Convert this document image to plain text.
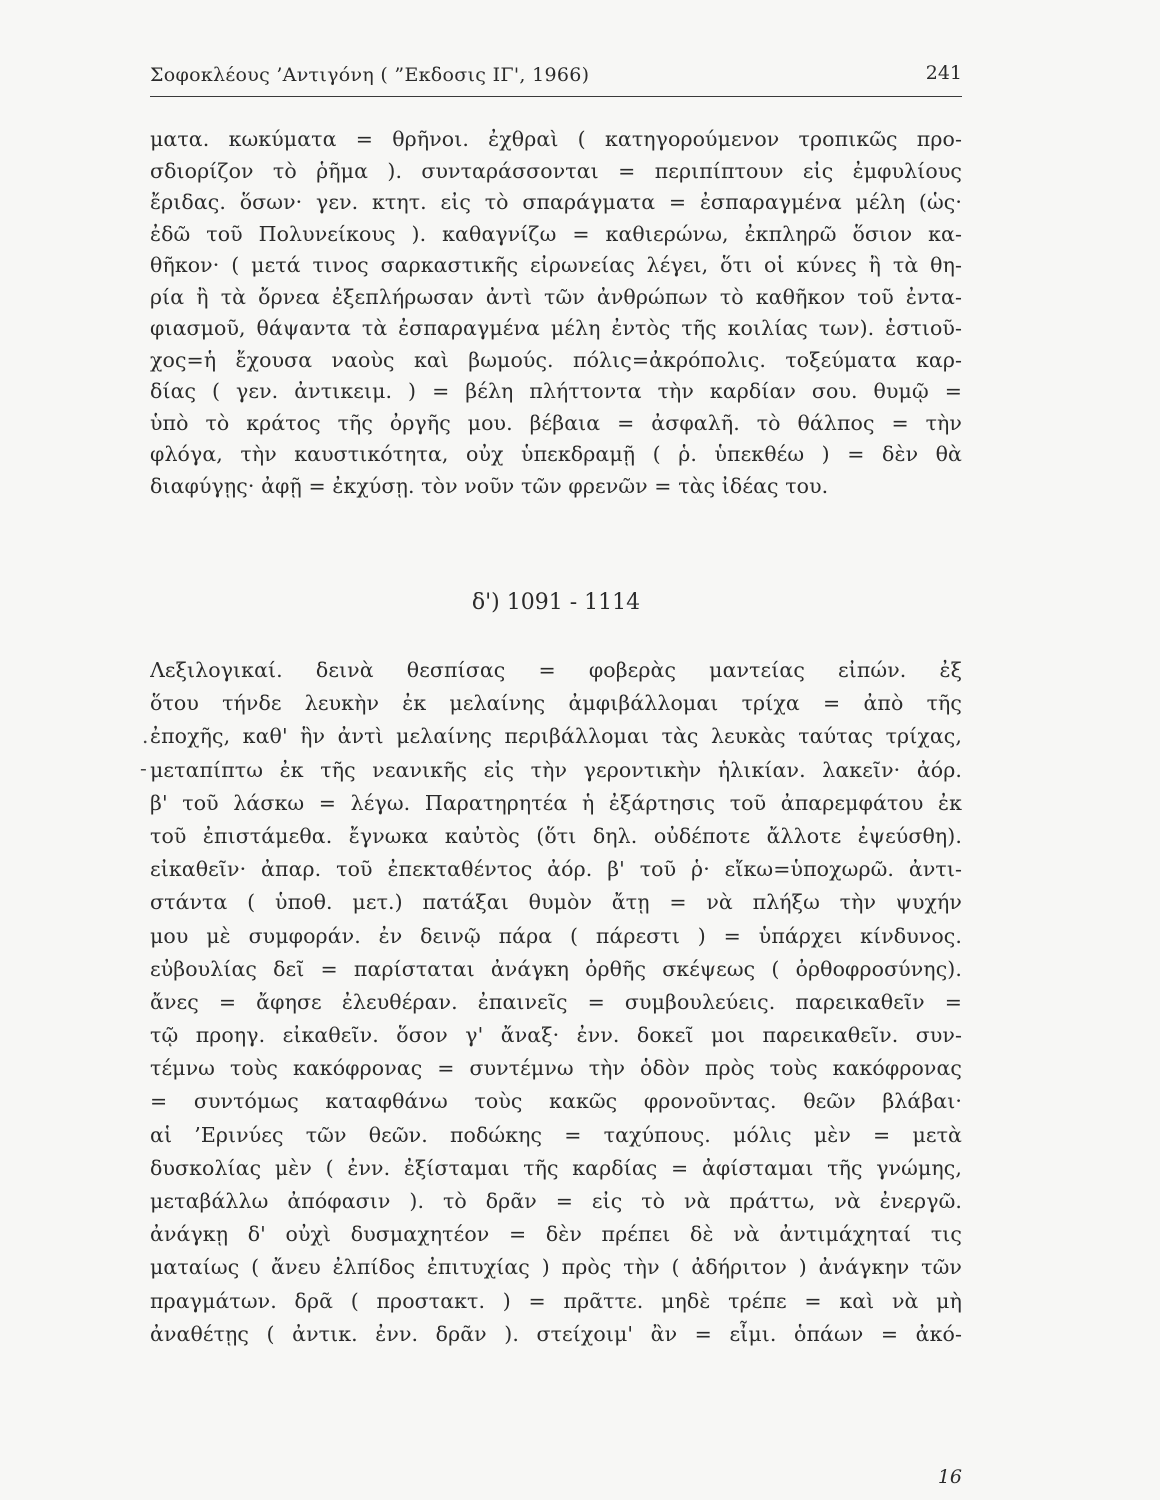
Σοφοκλέους ’Αντιγόνη ( ”Εκδοσις ΙΓ', 1966)	241
ματα. κωκύματα = θρῆνοι. ἐχθραὶ ( κατηγορούμενον τροπικῶς προ-
σδιορίζον τὸ ῥῆμα ). συνταράσσονται = περιπίπτουν εἰς ἐμφυλίους
ἔριδας. ὅσων· γεν. κτητ. εἰς τὸ σπαράγματα = ἐσπαραγμένα μέλη (ὡς·
ἐδῶ τοῦ Πολυνείκους ). καθαγνίζω = καθιερώνω, ἐκπληρῶ ὅσιον κα-
θῆκον· ( μετά τινος σαρκαστικῆς εἰρωνείας λέγει, ὅτι οἱ κύνες ἢ τὰ θη-
ρία ἢ τὰ ὄρνεα ἐξεπλήρωσαν ἀντὶ τῶν ἀνθρώπων τὸ καθῆκον τοῦ ἐντα-
φιασμοῦ, θάψαντα τὰ ἐσπαραγμένα μέλη ἐντὸς τῆς κοιλίας των). ἑστιοῦ-
χος=ἡ ἔχουσα ναοὺς καὶ βωμούς. πόλις=ἀκρόπολις. τοξεύματα καρ-
δίας ( γεν. ἀντικειμ. ) = βέλη πλήττοντα τὴν καρδίαν σου. θυμῷ =
ὑπὸ τὸ κράτος τῆς ὀργῆς μου. βέβαια = ἀσφαλῆ. τὸ θάλπος = τὴν
φλόγα, τὴν καυστικότητα, οὐχ ὑπεκδραμῇ ( ῥ. ὑπεκθέω ) = δὲν θὰ
διαφύγῃς· ἀφῇ = ἐκχύσῃ. τὸν νοῦν τῶν φρενῶν = τὰς ἰδέας του.
δ') 1091 - 1114
Λεξιλογικαί. δεινὰ θεσπίσας = φοβερὰς μαντείας εἰπών. ἐξ
ὅτου τήνδε λευκὴν ἐκ μελαίνης ἀμφιβάλλομαι τρίχα = ἀπὸ τῆς
ἐποχῆς, καθ' ἣν ἀντὶ μελαίνης περιβάλλομαι τὰς λευκὰς ταύτας τρίχας,
μεταπίπτω ἐκ τῆς νεανικῆς εἰς τὴν γεροντικὴν ἡλικίαν. λακεῖν· ἀόρ.
β' τοῦ λάσκω = λέγω. Παρατηρητέα ἡ ἐξάρτησις τοῦ ἀπαρεμφάτου ἐκ
τοῦ ἐπιστάμεθα. ἔγνωκα καὐτὸς (ὅτι δηλ. οὐδέποτε ἄλλοτε ἐψεύσθη).
εἰκαθεῖν· ἀπαρ. τοῦ ἐπεκταθέντος ἀόρ. β' τοῦ ῥ· εἴκω=ὑποχωρῶ. ἀντι-
στάντα ( ὑποθ. μετ.) πατάξαι θυμὸν ἄτῃ = νὰ πλήξω τὴν ψυχήν
μου μὲ συμφοράν. ἐν δεινῷ πάρα ( πάρεστι ) = ὑπάρχει κίνδυνος.
εὐβουλίας δεῖ = παρίσταται ἀνάγκη ὀρθῆς σκέψεως ( ὀρθοφροσύνης).
ἄνες = ἄφησε ἐλευθέραν. ἐπαινεῖς = συμβουλεύεις. παρεικαθεῖν =
τῷ προηγ. εἰκαθεῖν. ὅσον γ' ἄναξ· ἐνν. δοκεῖ μοι παρεικαθεῖν. συν-
τέμνω τοὺς κακόφρονας = συντέμνω τὴν ὁδὸν πρὸς τοὺς κακόφρονας
= συντόμως καταφθάνω τοὺς κακῶς φρονοῦντας. θεῶν βλάβαι·
αἱ ’Ερινύες τῶν θεῶν. ποδώκης = ταχύπους. μόλις μὲν = μετὰ
δυσκολίας μὲν ( ἐνν. ἐξίσταμαι τῆς καρδίας = ἀφίσταμαι τῆς γνώμης,
μεταβάλλω ἀπόφασιν ). τὸ δρᾶν = εἰς τὸ νὰ πράττω, νὰ ἐνεργῶ.
ἀνάγκῃ δ' οὐχὶ δυσμαχητέον = δὲν πρέπει δὲ νὰ ἀντιμάχηταί τις
ματαίως ( ἄνευ ἐλπίδος ἐπιτυχίας ) πρὸς τὴν ( ἀδήριτον ) ἀνάγκην τῶν
πραγμάτων. δρᾶ ( προστακτ. ) = πρᾶττε. μηδὲ τρέπε = καὶ νὰ μὴ
ἀναθέτῃς ( ἀντικ. ἐνν. δρᾶν ). στείχοιμ' ἂν = εἶμι. ὁπάων = ἀκό-
.
-
16
